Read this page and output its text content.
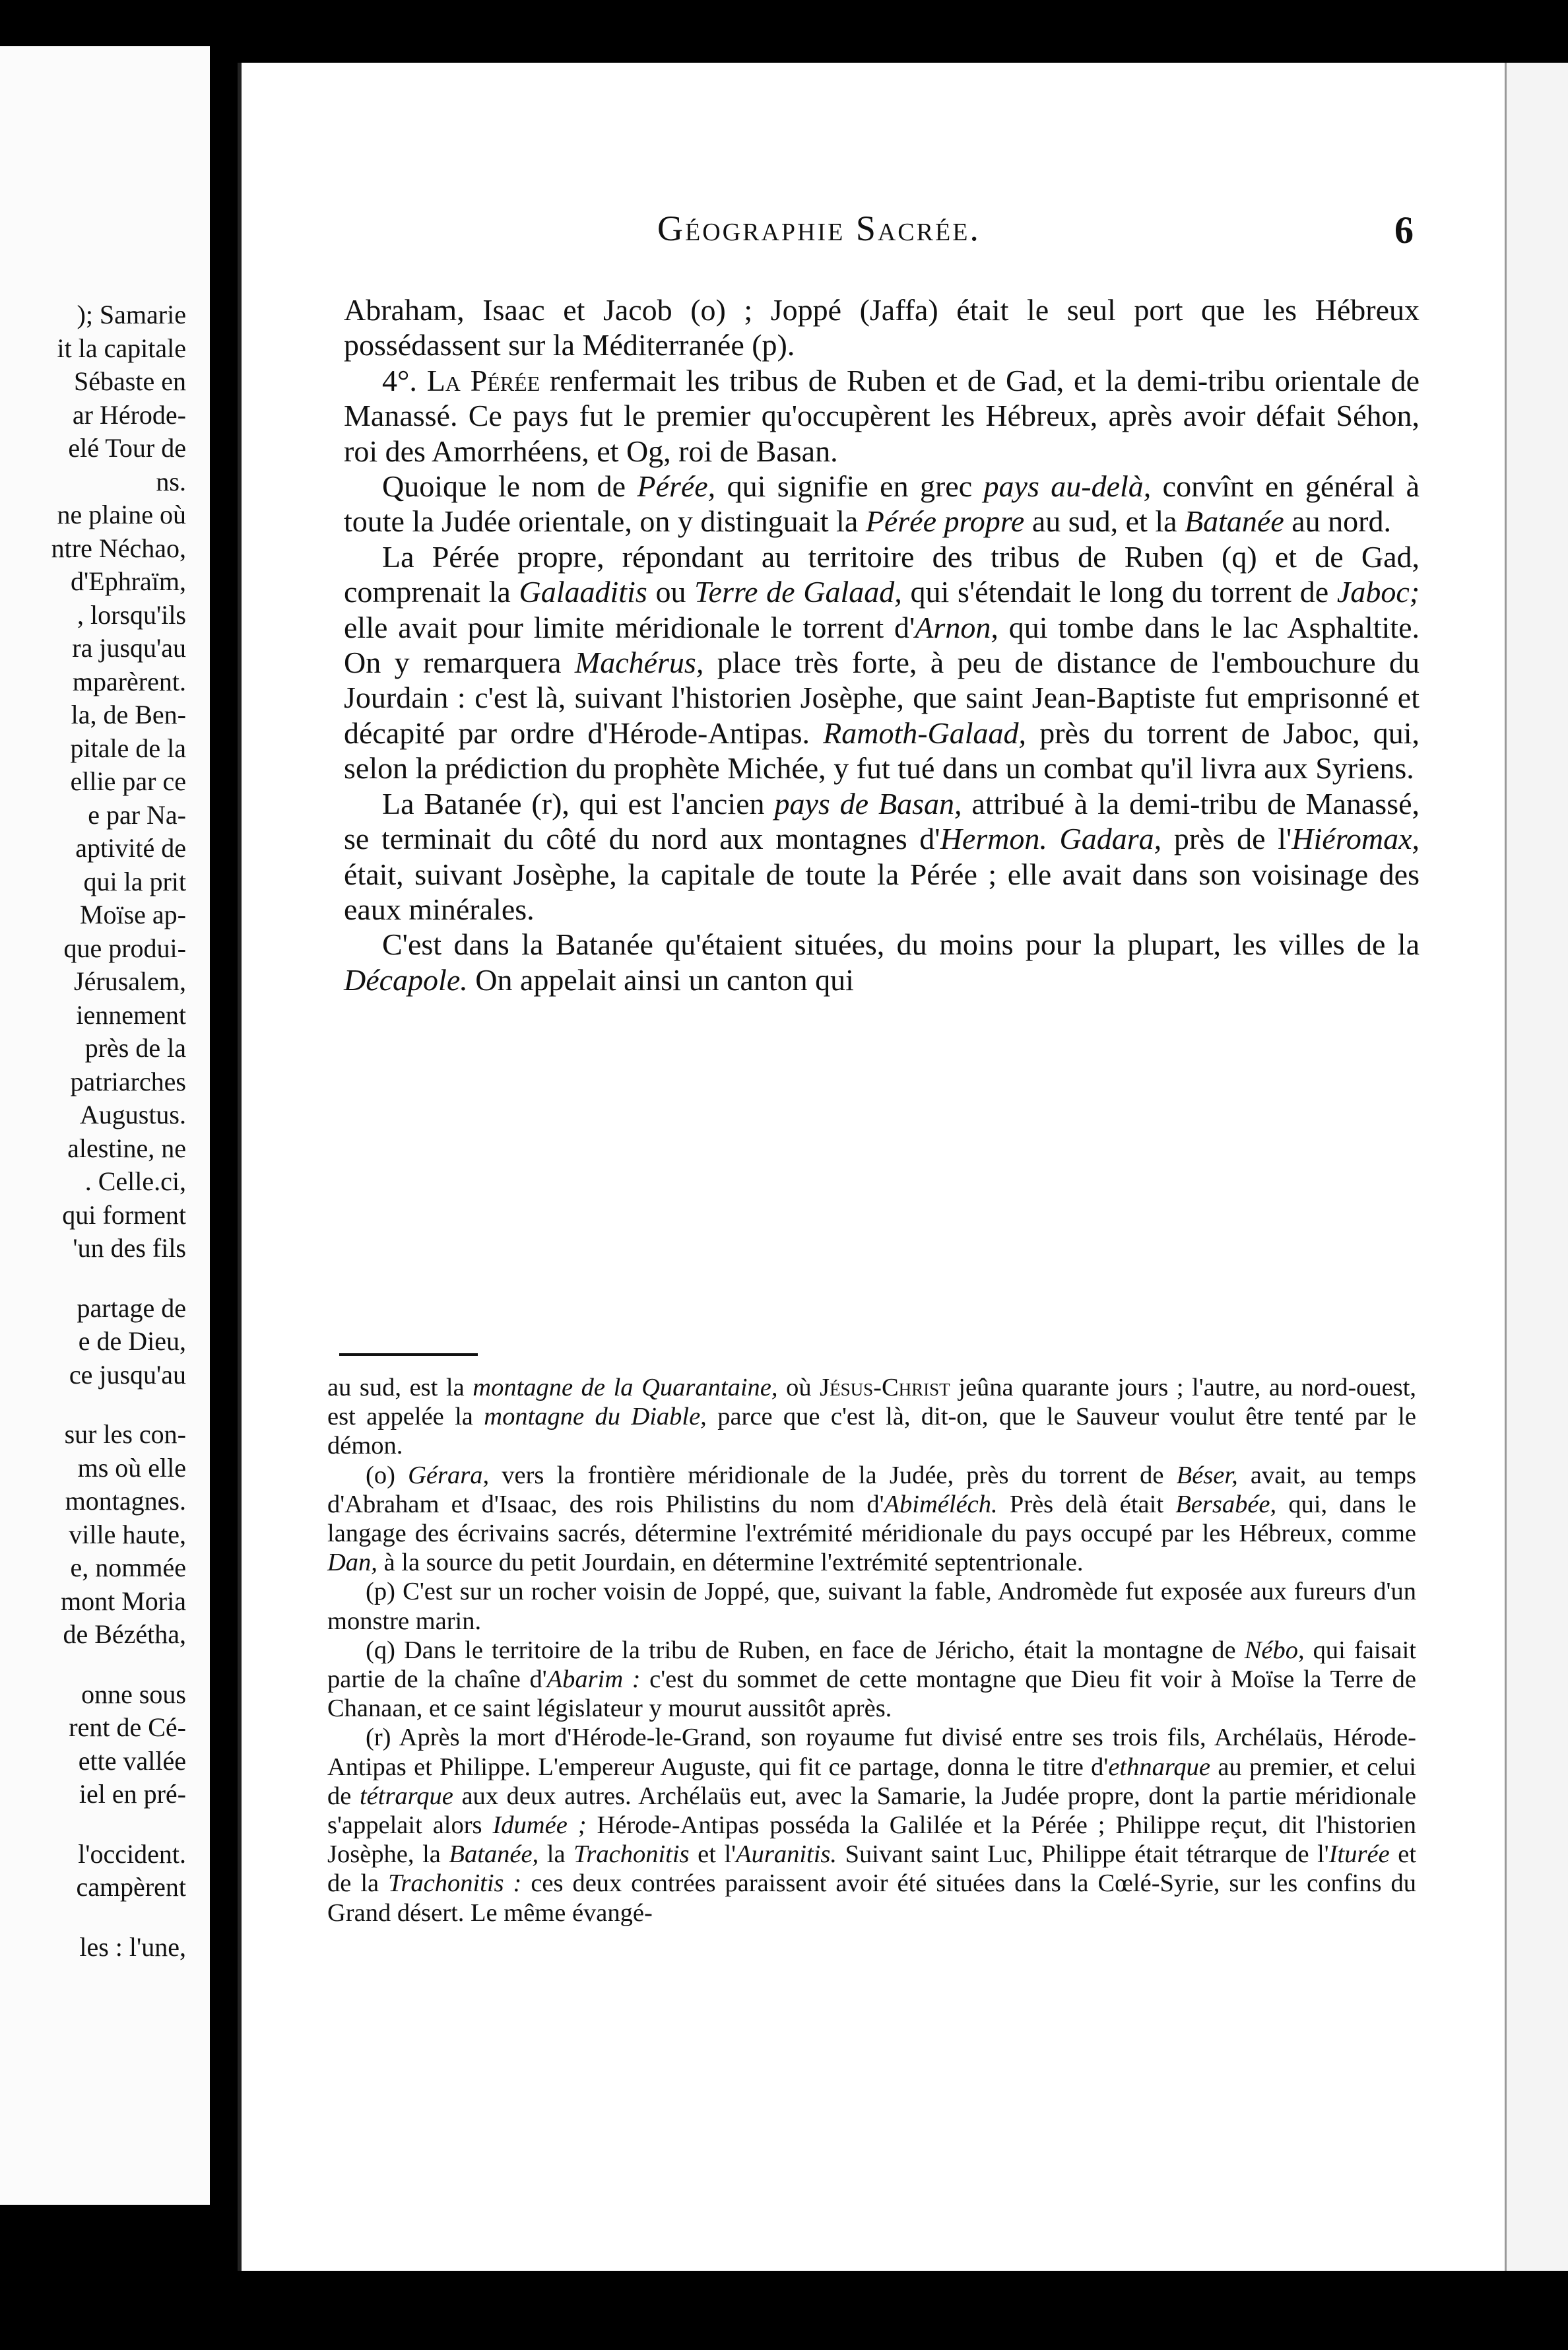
); Samarie
it la capitale
Sébaste en
ar Hérode-
elé Tour de
ns.
ne plaine où
ntre Néchao,
d'Ephraïm,
, lorsqu'ils
ra jusqu'au
mparèrent.
la, de Ben-
pitale de la
ellie par ce
e par Na-
aptivité de
qui la prit
Moïse ap-
que produi-
Jérusalem,
iennement
près de la
patriarches
Augustus.
alestine, ne
. Celle.ci,
qui forment
'un des fils
partage de
e de Dieu,
ce jusqu'au
sur les con-
ms où elle
montagnes.
ville haute,
e, nommée
mont Moria
de Bézétha,
onne sous
rent de Cé-
ette vallée
iel en pré-
l'occident.
campèrent
les : l'une,
Géographie Sacrée.	6

Abraham, Isaac et Jacob (o) ; Joppé (Jaffa) était le seul port que les Hébreux possédassent sur la Méditerranée (p).

4°. La Pérée renfermait les tribus de Ruben et de Gad, et la demi-tribu orientale de Manassé. Ce pays fut le premier qu'occupèrent les Hébreux, après avoir défait Séhon, roi des Amorrhéens, et Og, roi de Basan.

Quoique le nom de Pérée, qui signifie en grec pays au-delà, convînt en général à toute la Judée orientale, on y distinguait la Pérée propre au sud, et la Batanée au nord.

La Pérée propre, répondant au territoire des tribus de Ruben (q) et de Gad, comprenait la Galaaditis ou Terre de Galaad, qui s'étendait le long du torrent de Jaboc; elle avait pour limite méridionale le torrent d'Arnon, qui tombe dans le lac Asphaltite. On y remarquera Machérus, place très forte, à peu de distance de l'embouchure du Jourdain : c'est là, suivant l'historien Josèphe, que saint Jean-Baptiste fut emprisonné et décapité par ordre d'Hérode-Antipas. Ramoth-Galaad, près du torrent de Jaboc, qui, selon la prédiction du prophète Michée, y fut tué dans un combat qu'il livra aux Syriens.

La Batanée (r), qui est l'ancien pays de Basan, attribué à la demi-tribu de Manassé, se terminait du côté du nord aux montagnes d'Hermon. Gadara, près de l'Hiéromax, était, suivant Josèphe, la capitale de toute la Pérée ; elle avait dans son voisinage des eaux minérales.

C'est dans la Batanée qu'étaient situées, du moins pour la plupart, les villes de la Décapole. On appelait ainsi un canton qui

au sud, est la montagne de la Quarantaine, où Jésus-Christ jeûna quarante jours ; l'autre, au nord-ouest, est appelée la montagne du Diable, parce que c'est là, dit-on, que le Sauveur voulut être tenté par le démon.

(o) Gérara, vers la frontière méridionale de la Judée, près du torrent de Béser, avait, au temps d'Abraham et d'Isaac, des rois Philistins du nom d'Abiméléch. Près delà était Bersabée, qui, dans le langage des écrivains sacrés, détermine l'extrémité méridionale du pays occupé par les Hébreux, comme Dan, à la source du petit Jourdain, en détermine l'extrémité septentrionale.

(p) C'est sur un rocher voisin de Joppé, que, suivant la fable, Andromède fut exposée aux fureurs d'un monstre marin.

(q) Dans le territoire de la tribu de Ruben, en face de Jéricho, était la montagne de Nébo, qui faisait partie de la chaîne d'Abarim : c'est du sommet de cette montagne que Dieu fit voir à Moïse la Terre de Chanaan, et ce saint législateur y mourut aussitôt après.

(r) Après la mort d'Hérode-le-Grand, son royaume fut divisé entre ses trois fils, Archélaüs, Hérode-Antipas et Philippe. L'empereur Auguste, qui fit ce partage, donna le titre d'ethnarque au premier, et celui de tétrarque aux deux autres. Archélaüs eut, avec la Samarie, la Judée propre, dont la partie méridionale s'appelait alors Idumée ; Hérode-Antipas posséda la Galilée et la Pérée ; Philippe reçut, dit l'historien Josèphe, la Batanée, la Trachonitis et l'Auranitis. Suivant saint Luc, Philippe était tétrarque de l'Iturée et de la Trachonitis : ces deux contrées paraissent avoir été situées dans la Cœlé-Syrie, sur les confins du Grand désert. Le même évangé-
